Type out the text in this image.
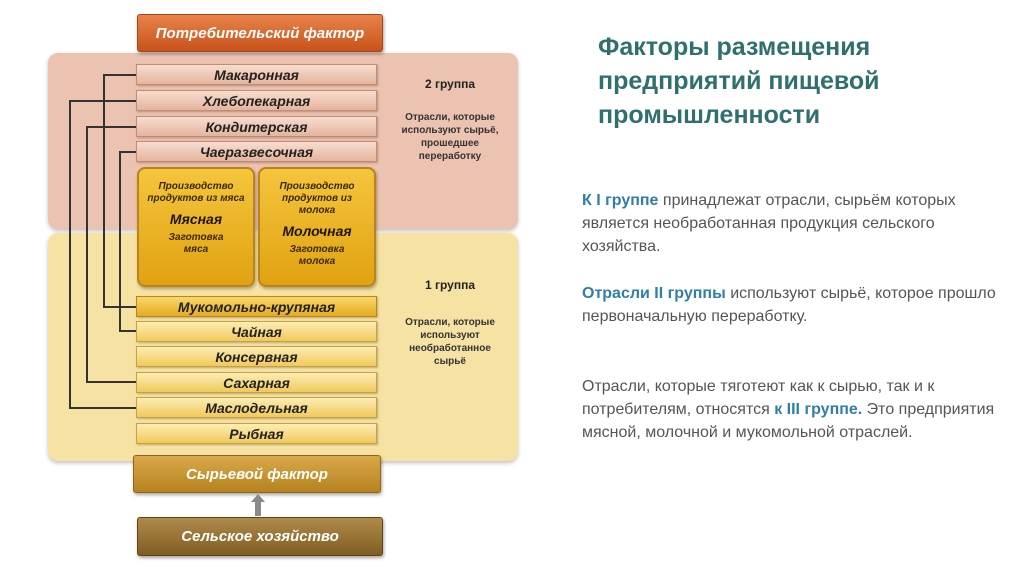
Потребительский фактор
Сырьевой фактор
Сельское хозяйство
Макаронная
Хлебопекарная
Кондитерская
Чаеразвесочная
Производство продуктов из мяса
Мясная
Заготовка мяса
Производство продуктов из молока
Молочная
Заготовка молока
Мукомольно-крупяная
Чайная
Консервная
Сахарная
Маслодельная
Рыбная
2 группа
Отрасли, которые используют сырьё, прошедшее переработку
1 группа
Отрасли, которые используют необработанное сырьё
Факторы размещения предприятий пищевой промышленности
К I группе принадлежат отрасли, сырьём которых является необработанная продукция сельского хозяйства.
Отрасли II группы используют сырьё, которое прошло первоначальную переработку.
Отрасли, которые тяготеют как к сырью, так и к потребителям, относятся к III группе. Это предприятия мясной, молочной и мукомольной отраслей.
